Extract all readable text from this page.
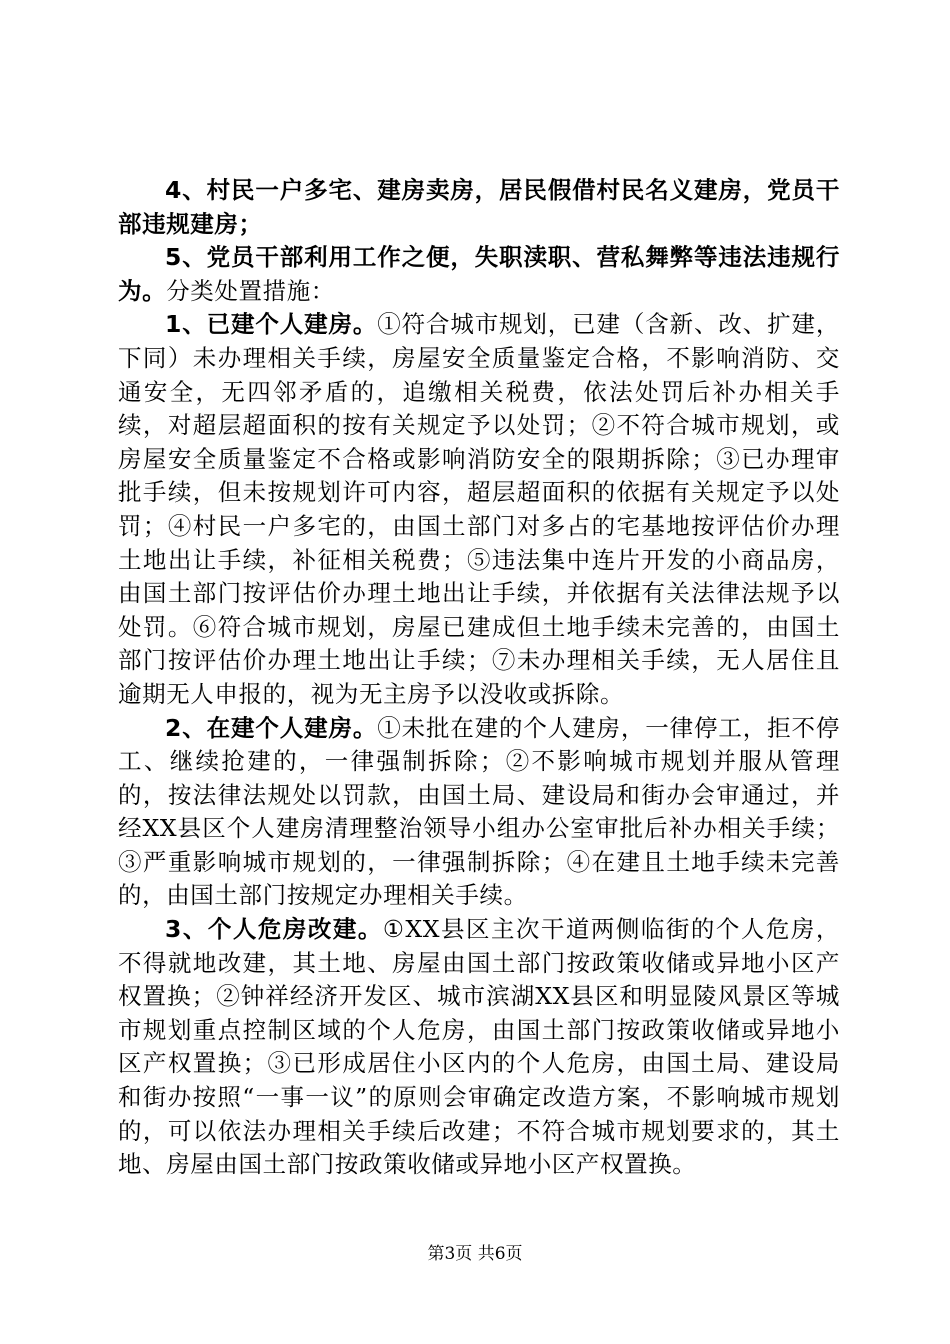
4、村民一户多宅、建房卖房，居民假借村民名义建房，党员干部违规建房；

5、党员干部利用工作之便，失职渎职、营私舞弊等违法违规行为。分类处置措施：

1、已建个人建房。①符合城市规划，已建（含新、改、扩建，下同）未办理相关手续，房屋安全质量鉴定合格，不影响消防、交通安全，无四邻矛盾的，追缴相关税费，依法处罚后补办相关手续，对超层超面积的按有关规定予以处罚；②不符合城市规划，或房屋安全质量鉴定不合格或影响消防安全的限期拆除；③已办理审批手续，但未按规划许可内容，超层超面积的依据有关规定予以处罚；④村民一户多宅的，由国土部门对多占的宅基地按评估价办理土地出让手续，补征相关税费；⑤违法集中连片开发的小商品房，由国土部门按评估价办理土地出让手续，并依据有关法律法规予以处罚。⑥符合城市规划，房屋已建成但土地手续未完善的，由国土部门按评估价办理土地出让手续；⑦未办理相关手续，无人居住且逾期无人申报的，视为无主房予以没收或拆除。

2、在建个人建房。①未批在建的个人建房，一律停工，拒不停工、继续抢建的，一律强制拆除；②不影响城市规划并服从管理的，按法律法规处以罚款，由国土局、建设局和街办会审通过，并经XX县区个人建房清理整治领导小组办公室审批后补办相关手续；③严重影响城市规划的，一律强制拆除；④在建且土地手续未完善的，由国土部门按规定办理相关手续。

3、个人危房改建。①XX县区主次干道两侧临街的个人危房，不得就地改建，其土地、房屋由国土部门按政策收储或异地小区产权置换；②钟祥经济开发区、城市滨湖XX县区和明显陵风景区等城市规划重点控制区域的个人危房，由国土部门按政策收储或异地小区产权置换；③已形成居住小区内的个人危房，由国土局、建设局和街办按照“一事一议”的原则会审确定改造方案，不影响城市规划的，可以依法办理相关手续后改建；不符合城市规划要求的，其土地、房屋由国土部门按政策收储或异地小区产权置换。

第3页 共6页
